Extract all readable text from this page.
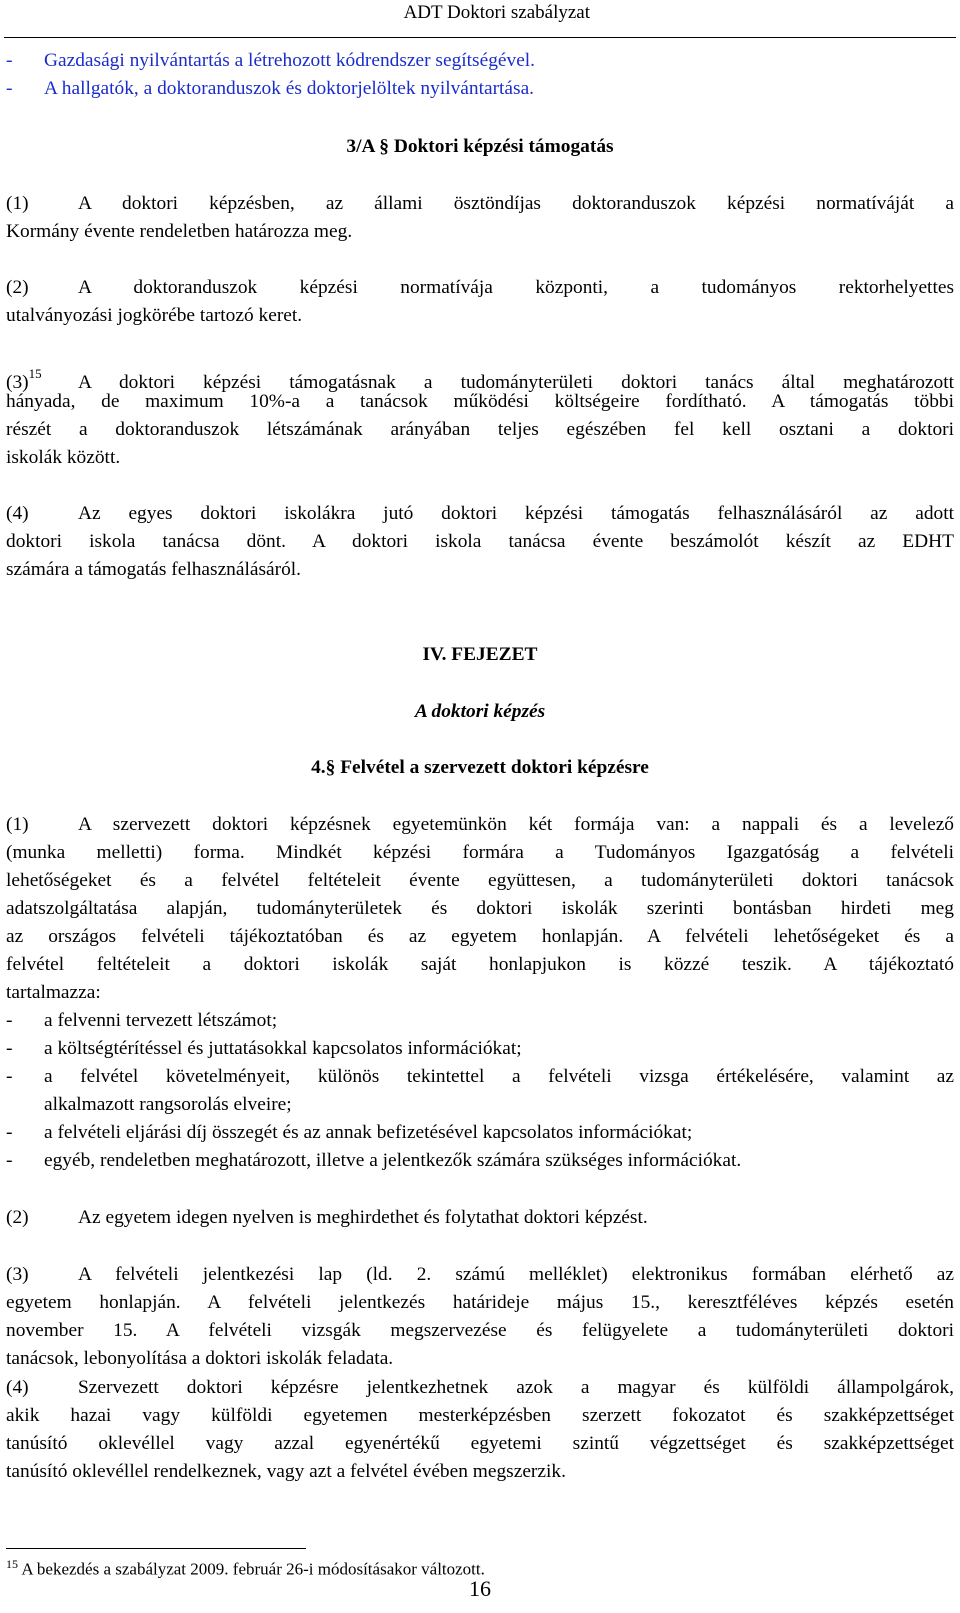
ADT Doktori szabályzat
- Gazdasági nyilvántartás a létrehozott kódrendszer segítségével.
- A hallgatók, a doktoranduszok és doktorjelöltek nyilvántartása.
3/A § Doktori képzési támogatás
(1)	A doktori képzésben, az állami ösztöndíjas doktoranduszok képzési normatíváját a
Kormány évente rendeletben határozza meg.
(2)	A doktoranduszok képzési normatívája központi, a tudományos rektorhelyettes
utalványozási jogkörébe tartozó keret.
$(3)^{15}$ A doktori képzési támogatásnak a tudományterületi doktori tanács által meghatározott
hányada, de maximum 10%-a a tanácsok működési költségeire fordítható. A támogatás többi
részét a doktoranduszok létszámának arányában teljes egészében fel kell osztani a doktori
iskolák között.
(4)	Az egyes doktori iskolákra jutó doktori képzési támogatás felhasználásáról az adott
doktori iskola tanácsa dönt. A doktori iskola tanácsa évente beszámolót készít az EDHT
számára a támogatás felhasználásáról.
IV. FEJEZET
A doktori képzés
4.§ Felvétel a szervezett doktori képzésre
(1)	A szervezett doktori képzésnek egyetemünkön két formája van: a nappali és a levelező
(munka melletti) forma. Mindkét képzési formára a Tudományos Igazgatóság a felvételi
lehetőségeket és a felvétel feltételeit évente együttesen, a tudományterületi doktori tanácsok
adatszolgáltatása alapján, tudományterületek és doktori iskolák szerinti bontásban hirdeti meg
az országos felvételi tájékoztatóban és az egyetem honlapján. A felvételi lehetőségeket és a
felvétel feltételeit a doktori iskolák saját honlapjukon is közzé teszik. A tájékoztató
tartalmazza:
- a felvenni tervezett létszámot;
- a költségtérítéssel és juttatásokkal kapcsolatos információkat;
- a felvétel követelményeit, különös tekintettel a felvételi vizsga értékelésére, valamint az
alkalmazott rangsorolás elveire;
- a felvételi eljárási díj összegét és az annak befizetésével kapcsolatos információkat;
- egyéb, rendeletben meghatározott, illetve a jelentkezők számára szükséges információkat.
(2)	Az egyetem idegen nyelven is meghirdethet és folytathat doktori képzést.
(3)	A felvételi jelentkezési lap (ld. 2. számú melléklet) elektronikus formában elérhető az
egyetem honlapján. A felvételi jelentkezés határideje május 15., keresztféléves képzés esetén
november 15. A felvételi vizsgák megszervezése és felügyelete a tudományterületi doktori
tanácsok, lebonyolítása a doktori iskolák feladata.
(4)	Szervezett doktori képzésre jelentkezhetnek azok a magyar és külföldi állampolgárok,
akik hazai vagy külföldi egyetemen mesterképzésben szerzett fokozatot és szakképzettséget
tanúsító oklevéllel vagy azzal egyenértékű egyetemi szintű végzettséget és szakképzettséget
tanúsító oklevéllel rendelkeznek, vagy azt a felvétel évében megszerzik.
$^{15}$ A bekezdés a szabályzat 2009. február 26-i módosításakor változott.
16
